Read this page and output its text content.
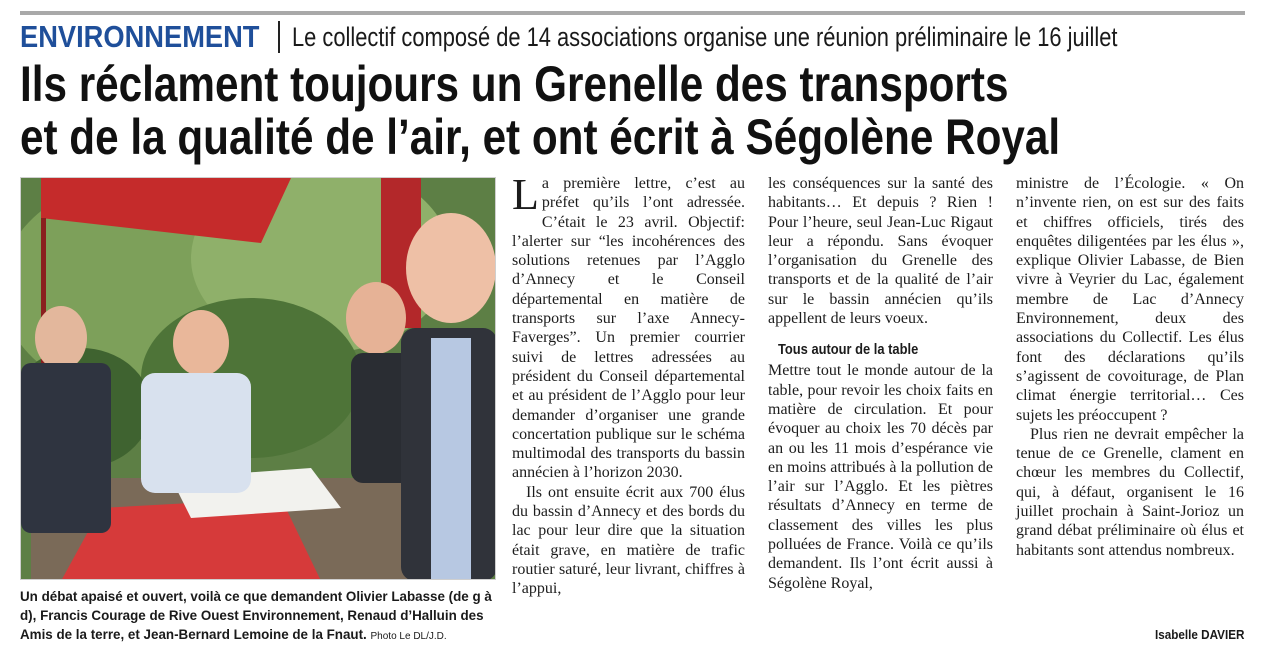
ENVIRONNEMENT Le collectif composé de 14 associations organise une réunion préliminaire le 16 juillet
Ils réclament toujours un Grenelle des transports
et de la qualité de l’air, et ont écrit à Ségolène Royal
Un débat apaisé et ouvert, voilà ce que demandent Olivier Labasse (de g à d), Francis Courage de Rive Ouest Environnement, Renaud d’Halluin des Amis de la terre, et Jean-Bernard Lemoine de la Fnaut. Photo Le DL/J.D.

La première lettre, c’est au préfet qu’ils l’ont adressée. C’était le 23 avril. Objectif: l’alerter sur “les incohérences des solutions retenues par l’Agglo d’Annecy et le Conseil départemental en matière de transports sur l’axe Annecy-Faverges”. Un premier courrier suivi de lettres adressées au président du Conseil départemental et au président de l’Agglo pour leur demander d’organiser une grande concertation publique sur le schéma multimodal des transports du bassin annécien à l’horizon 2030.

Ils ont ensuite écrit aux 700 élus du bassin d’Annecy et des bords du lac pour leur dire que la situation était grave, en matière de trafic routier saturé, leur livrant, chiffres à l’appui,

les conséquences sur la santé des habitants… Et depuis ? Rien ! Pour l’heure, seul Jean-Luc Rigaut leur a répondu. Sans évoquer l’organisation du Grenelle des transports et de la qualité de l’air sur le bassin annécien qu’ils appellent de leurs voeux.

Tous autour de la table

Mettre tout le monde autour de la table, pour revoir les choix faits en matière de circulation. Et pour évoquer au choix les 70 décès par an ou les 11 mois d’espérance vie en moins attribués à la pollution de l’air sur l’Agglo. Et les piètres résultats d’Annecy en terme de classement des villes les plus polluées de France. Voilà ce qu’ils demandent. Ils l’ont écrit aussi à Ségolène Royal,

ministre de l’Écologie. « On n’invente rien, on est sur des faits et chiffres officiels, tirés des enquêtes diligentées par les élus », explique Olivier Labasse, de Bien vivre à Veyrier du Lac, également membre de Lac d’Annecy Environnement, deux des associations du Collectif. Les élus font des déclarations qu’ils s’agissent de covoiturage, de Plan climat énergie territorial… Ces sujets les préoccupent ?

Plus rien ne devrait empêcher la tenue de ce Grenelle, clament en chœur les membres du Collectif, qui, à défaut, organisent le 16 juillet prochain à Saint-Jorioz un grand débat préliminaire où élus et habitants sont attendus nombreux.

Isabelle DAVIER
